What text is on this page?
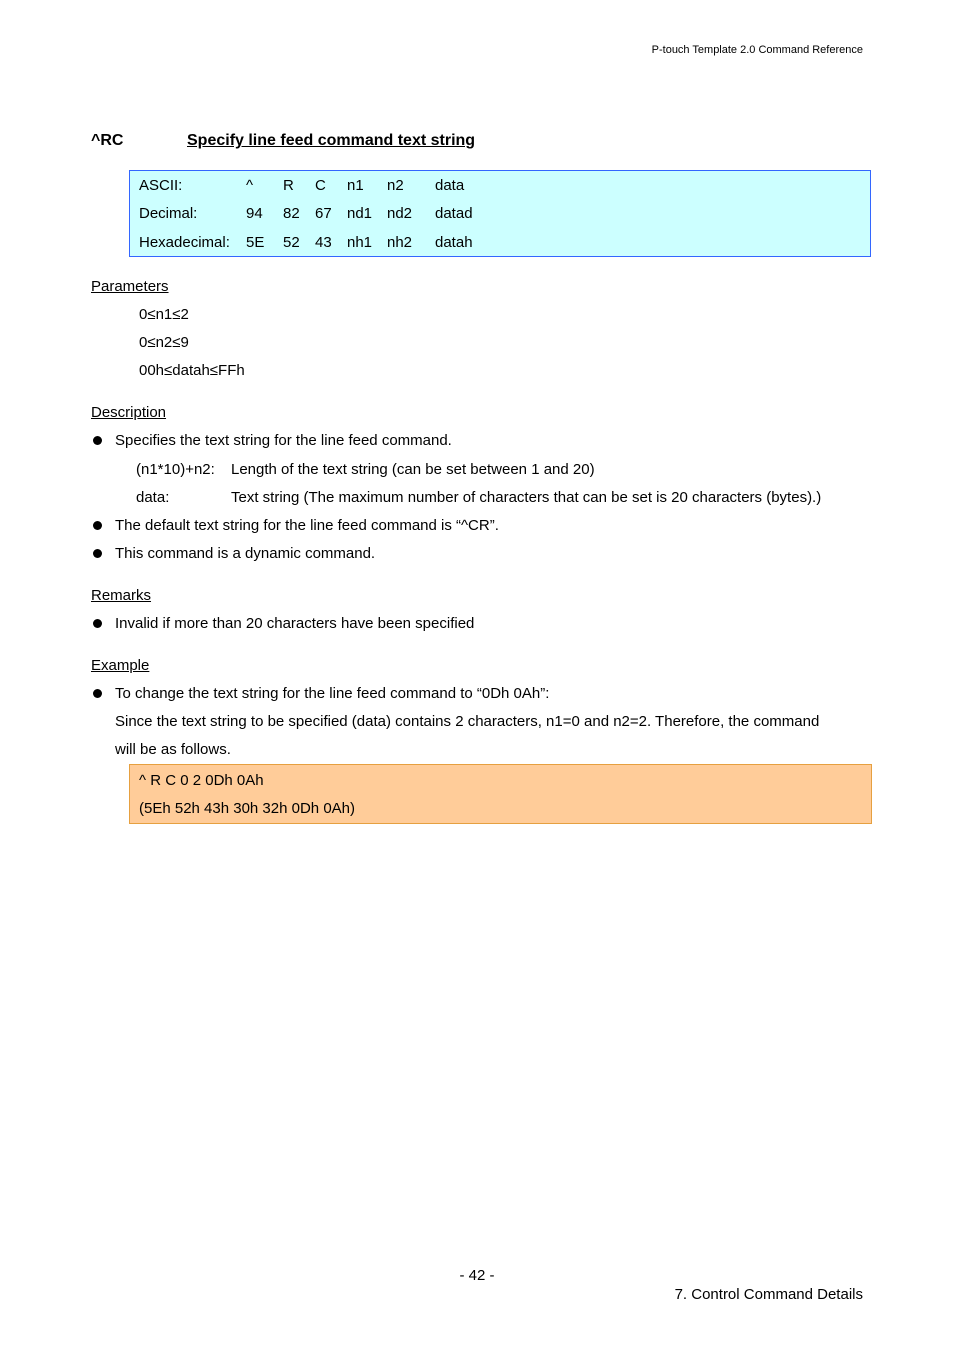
P-touch Template 2.0 Command Reference
^RC	Specify line feed command text string
ASCII:	^ R C n1 n2 data
Decimal:	94 82 67 nd1 nd2 datad
Hexadecimal: 5E 52 43 nh1 nh2 datah
Parameters
0≤n1≤2
0≤n2≤9
00h≤datah≤FFh
Description
Specifies the text string for the line feed command.
(n1*10)+n2: Length of the text string (can be set between 1 and 20)
data:	Text string (The maximum number of characters that can be set is 20 characters (bytes).)
The default text string for the line feed command is “^CR”.
This command is a dynamic command.
Remarks
Invalid if more than 20 characters have been specified
Example
To change the text string for the line feed command to “0Dh 0Ah”:
Since the text string to be specified (data) contains 2 characters, n1=0 and n2=2. Therefore, the command
will be as follows.
^ R C 0 2 0Dh 0Ah
(5Eh 52h 43h 30h 32h 0Dh 0Ah)
- 42 -
7. Control Command Details
